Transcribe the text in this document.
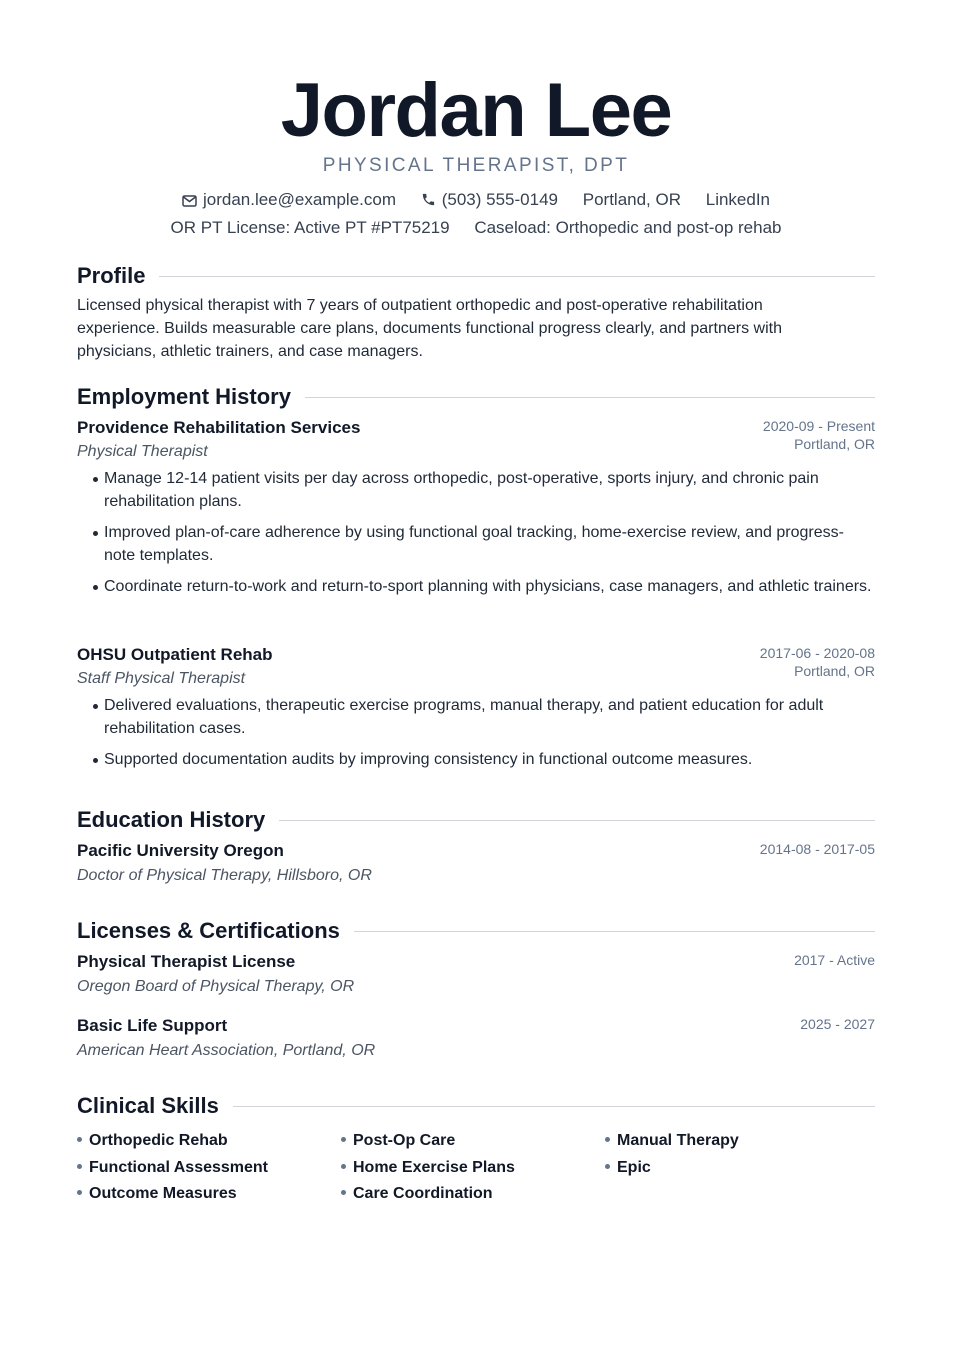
Jordan Lee
PHYSICAL THERAPIST, DPT
jordan.lee@example.com	(503) 555-0149 Portland, OR LinkedIn
OR PT License: Active PT #PT75219 Caseload: Orthopedic and post-op rehab
Profile
Licensed physical therapist with 7 years of outpatient orthopedic and post-operative rehabilitation experience. Builds measurable care plans, documents functional progress clearly, and partners with physicians, athletic trainers, and case managers.
Employment History
Providence Rehabilitation Services
Physical Therapist
2020-09 - Present
Portland, OR
Manage 12-14 patient visits per day across orthopedic, post-operative, sports injury, and chronic pain rehabilitation plans.
Improved plan-of-care adherence by using functional goal tracking, home-exercise review, and progress-note templates.
Coordinate return-to-work and return-to-sport planning with physicians, case managers, and athletic trainers.
OHSU Outpatient Rehab
Staff Physical Therapist
2017-06 - 2020-08
Portland, OR
Delivered evaluations, therapeutic exercise programs, manual therapy, and patient education for adult rehabilitation cases.
Supported documentation audits by improving consistency in functional outcome measures.
Education History
Pacific University Oregon
Doctor of Physical Therapy, Hillsboro, OR
2014-08 - 2017-05
Licenses & Certifications
Physical Therapist License
Oregon Board of Physical Therapy, OR
2017 - Active
Basic Life Support
American Heart Association, Portland, OR
2025 - 2027
Clinical Skills
Orthopedic Rehab	Post-Op Care	Manual Therapy
Functional Assessment	Home Exercise Plans	Epic
Outcome Measures	Care Coordination
